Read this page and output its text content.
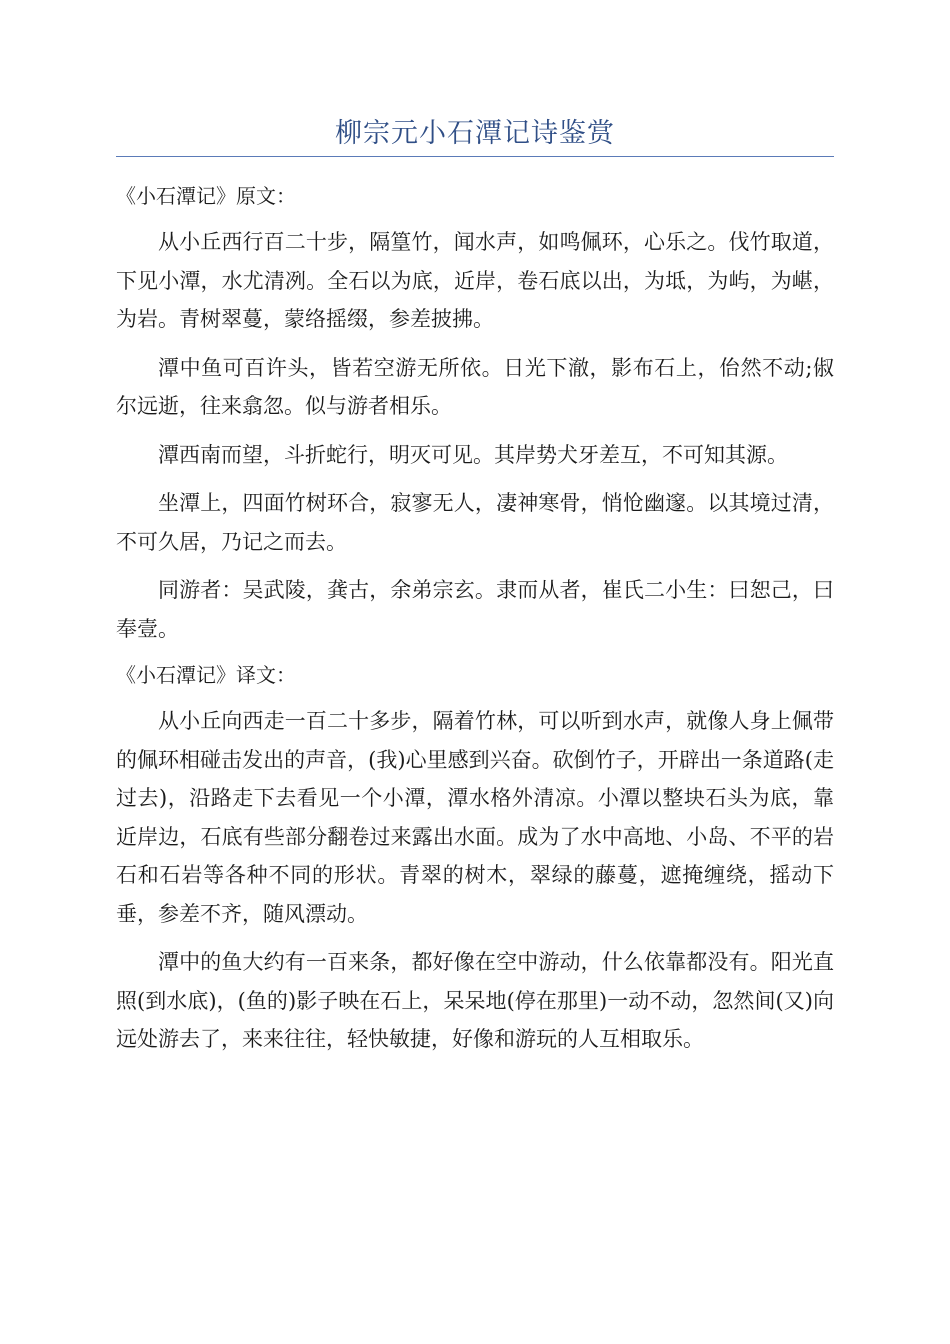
柳宗元小石潭记诗鉴赏

《小石潭记》原文：

从小丘西行百二十步，隔篁竹，闻水声，如鸣佩环，心乐之。伐竹取道，下见小潭，水尤清冽。全石以为底，近岸，卷石底以出，为坻，为屿，为嵁，为岩。青树翠蔓，蒙络摇缀，参差披拂。

潭中鱼可百许头，皆若空游无所依。日光下澈，影布石上，佁然不动;俶尔远逝，往来翕忽。似与游者相乐。

潭西南而望，斗折蛇行，明灭可见。其岸势犬牙差互，不可知其源。

坐潭上，四面竹树环合，寂寥无人，凄神寒骨，悄怆幽邃。以其境过清，不可久居，乃记之而去。

同游者：吴武陵，龚古，余弟宗玄。隶而从者，崔氏二小生：曰恕己，曰奉壹。

《小石潭记》译文：

从小丘向西走一百二十多步，隔着竹林，可以听到水声，就像人身上佩带的佩环相碰击发出的声音，(我)心里感到兴奋。砍倒竹子，开辟出一条道路(走过去)，沿路走下去看见一个小潭，潭水格外清凉。小潭以整块石头为底，靠近岸边，石底有些部分翻卷过来露出水面。成为了水中高地、小岛、不平的岩石和石岩等各种不同的形状。青翠的树木，翠绿的藤蔓，遮掩缠绕，摇动下垂，参差不齐，随风漂动。

潭中的鱼大约有一百来条，都好像在空中游动，什么依靠都没有。阳光直照(到水底)，(鱼的)影子映在石上，呆呆地(停在那里)一动不动，忽然间(又)向远处游去了，来来往往，轻快敏捷，好像和游玩的人互相取乐。
